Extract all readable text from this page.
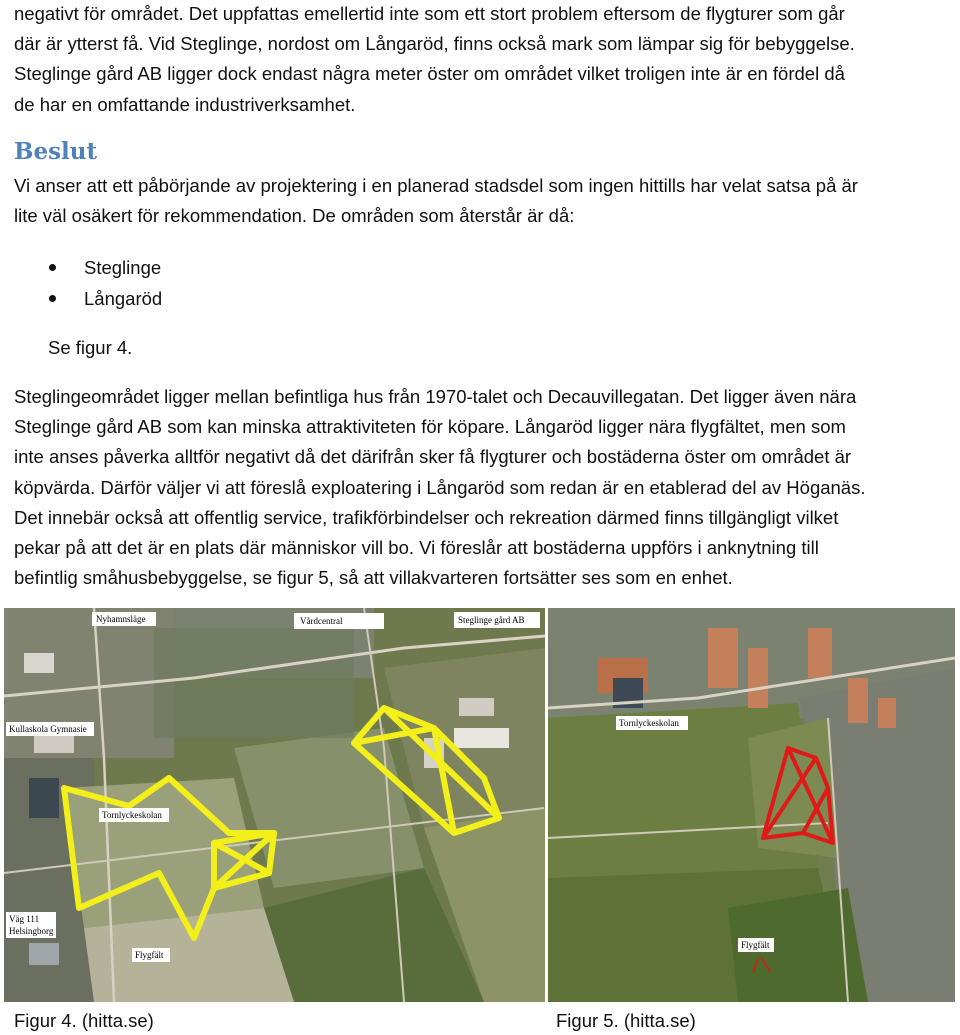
negativt för området. Det uppfattas emellertid inte som ett stort problem eftersom de flygturer som går
där är ytterst få. Vid Steglinge, nordost om Långaröd, finns också mark som lämpar sig för bebyggelse.
Steglinge gård AB ligger dock endast några meter öster om området vilket troligen inte är en fördel då
de har en omfattande industriverksamhet.

Beslut

Vi anser att ett påbörjande av projektering i en planerad stadsdel som ingen hittills har velat satsa på är
lite väl osäkert för rekommendation. De områden som återstår är då:

Steglinge
Långaröd

Se figur 4.

Steglingeområdet ligger mellan befintliga hus från 1970-talet och Decauvillegatan. Det ligger även nära
Steglinge gård AB som kan minska attraktiviteten för köpare. Långaröd ligger nära flygfältet, men som
inte anses påverka alltför negativt då det därifrån sker få flygturer och bostäderna öster om området är
köpvärda. Därför väljer vi att föreslå exploatering i Långaröd som redan är en etablerad del av Höganäs.
Det innebär också att offentlig service, trafikförbindelser och rekreation därmed finns tillgängligt vilket
pekar på att det är en plats där människor vill bo. Vi föreslår att bostäderna uppförs i anknytning till
befintlig småhusbebyggelse, se figur 5, så att villakvarteren fortsätter ses som en enhet.

Nyhamnsläge	Vårdcentral	Steglinge gård AB
Kullaskola Gymnasie
Tornlyckeskolan
Väg 111
Helsingborg
Flygfält
Tornlyckeskolan
Flygfält

Figur 4. (hitta.se)	Figur 5. (hitta.se)
